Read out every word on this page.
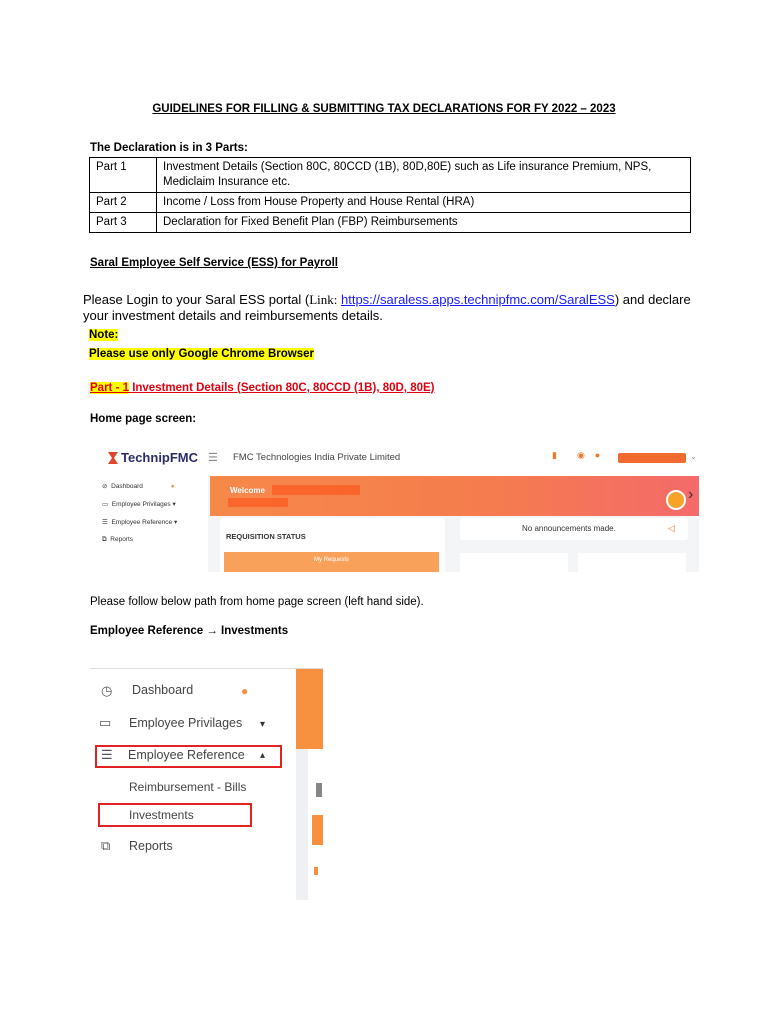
GUIDELINES FOR FILLING & SUBMITTING TAX DECLARATIONS FOR FY 2022 – 2023
The Declaration is in 3 Parts:
Part 1	Investment Details (Section 80C, 80CCD (1B), 80D,80E) such as Life insurance Premium, NPS, Mediclaim Insurance etc.
Part 2	Income / Loss from House Property and House Rental (HRA)
Part 3	Declaration for Fixed Benefit Plan (FBP) Reimbursements
Saral Employee Self Service (ESS) for Payroll
Please Login to your Saral ESS portal (Link: https://saraless.apps.technipfmc.com/SaralESS) and declare your investment details and reimbursements details.
Note:
Please use only Google Chrome Browser
Part - 1 Investment Details (Section 80C, 80CCD (1B), 80D, 80E)
Home page screen:
TechnipFMC ☰ FMC Technologies India Private Limited	▮        ◉    ●	⌄
⊘  Dashboard	●
▭  Employee Privilages ▾
☰  Employee Reference ▾
⧉  Reports
Welcome	›
REQUISITION STATUS
My Requests
No announcements made.	◁
Please follow below path from home page screen (left hand side).
Employee Reference → Investments
◷ Dashboard	●
▭ Employee Privilages ▾
☰ Employee Reference ▴
Reimbursement - Bills
Investments
⧉ Reports
